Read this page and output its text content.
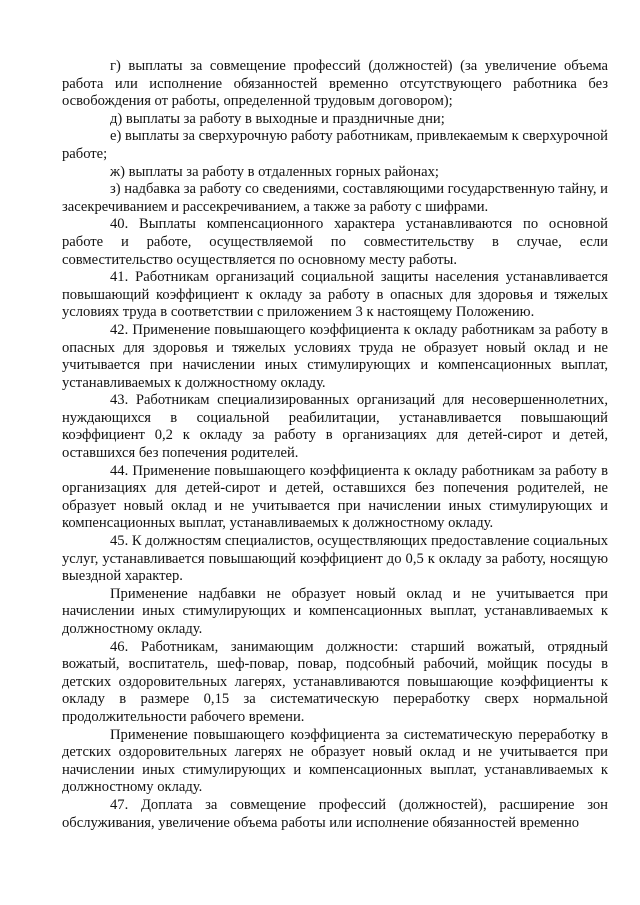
г) выплаты за совмещение профессий (должностей) (за увеличение объема работа или исполнение обязанностей временно отсутствующего работника без освобождения от работы, определенной трудовым договором);

д) выплаты за работу в выходные и праздничные дни;

е) выплаты за сверхурочную работу работникам, привлекаемым к сверхурочной работе;

ж) выплаты за работу в отдаленных горных районах;

з) надбавка за работу со сведениями, составляющими государственную тайну, и засекречиванием и рассекречиванием, а также за работу с шифрами.

40. Выплаты компенсационного характера устанавливаются по основной работе и работе, осуществляемой по совместительству в случае, если совместительство осуществляется по основному месту работы.

41. Работникам организаций социальной защиты населения устанавливается повышающий коэффициент к окладу за работу в опасных для здоровья и тяжелых условиях труда в соответствии с приложением 3 к настоящему Положению.

42. Применение повышающего коэффициента к окладу работникам за работу в опасных для здоровья и тяжелых условиях труда не образует новый оклад и не учитывается при начислении иных стимулирующих и компенсационных выплат, устанавливаемых к должностному окладу.

43. Работникам специализированных организаций для несовершеннолетних, нуждающихся в социальной реабилитации, устанавливается повышающий коэффициент 0,2 к окладу за работу в организациях для детей-сирот и детей, оставшихся без попечения родителей.

44. Применение повышающего коэффициента к окладу работникам за работу в организациях для детей-сирот и детей, оставшихся без попечения родителей, не образует новый оклад и не учитывается при начислении иных стимулирующих и компенсационных выплат, устанавливаемых к должностному окладу.

45. К должностям специалистов, осуществляющих предоставление социальных услуг, устанавливается повышающий коэффициент до 0,5 к окладу за работу, носящую выездной характер.

Применение надбавки не образует новый оклад и не учитывается при начислении иных стимулирующих и компенсационных выплат, устанавливаемых к должностному окладу.

46. Работникам, занимающим должности: старший вожатый, отрядный вожатый, воспитатель, шеф-повар, повар, подсобный рабочий, мойщик посуды в детских оздоровительных лагерях, устанавливаются повышающие коэффициенты к окладу в размере 0,15 за систематическую переработку сверх нормальной продолжительности рабочего времени.

Применение повышающего коэффициента за систематическую переработку в детских оздоровительных лагерях не образует новый оклад и не учитывается при начислении иных стимулирующих и компенсационных выплат, устанавливаемых к должностному окладу.

47. Доплата за совмещение профессий (должностей), расширение зон обслуживания, увеличение объема работы или исполнение обязанностей временно
